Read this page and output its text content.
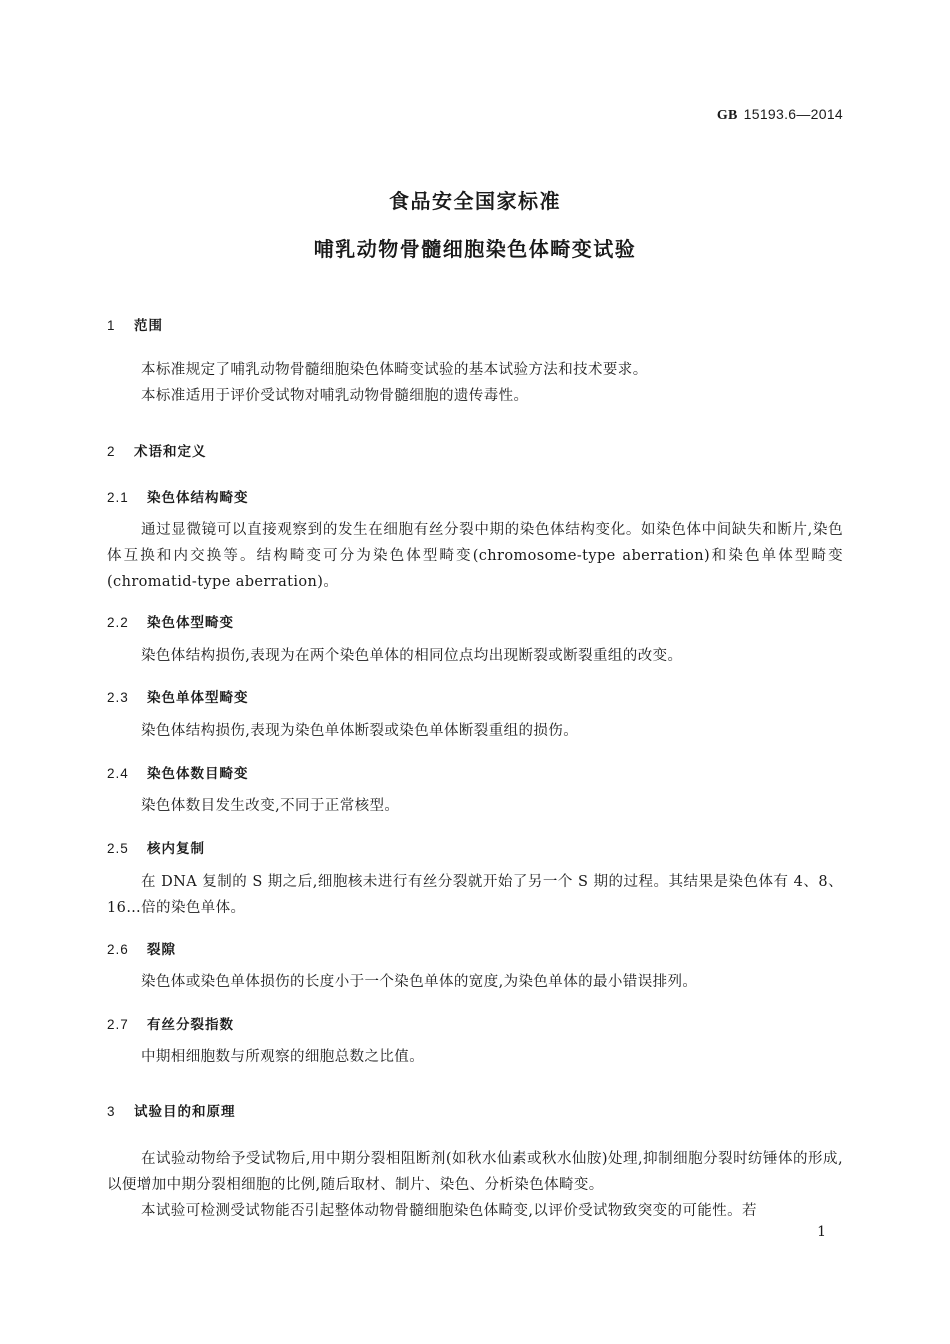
GB 15193.6—2014
食品安全国家标准
哺乳动物骨髓细胞染色体畸变试验
1 范围

本标准规定了哺乳动物骨髓细胞染色体畸变试验的基本试验方法和技术要求。

本标准适用于评价受试物对哺乳动物骨髓细胞的遗传毒性。

2 术语和定义
2.1 染色体结构畸变

通过显微镜可以直接观察到的发生在细胞有丝分裂中期的染色体结构变化。如染色体中间缺失和断片,染色体互换和内交换等。结构畸变可分为染色体型畸变(chromosome-type aberration)和染色单体型畸变(chromatid-type aberration)。

2.2 染色体型畸变

染色体结构损伤,表现为在两个染色单体的相同位点均出现断裂或断裂重组的改变。

2.3 染色单体型畸变

染色体结构损伤,表现为染色单体断裂或染色单体断裂重组的损伤。

2.4 染色体数目畸变

染色体数目发生改变,不同于正常核型。

2.5 核内复制

在 DNA 复制的 S 期之后,细胞核未进行有丝分裂就开始了另一个 S 期的过程。其结果是染色体有 4、8、16…倍的染色单体。

2.6 裂隙

染色体或染色单体损伤的长度小于一个染色单体的宽度,为染色单体的最小错误排列。

2.7 有丝分裂指数

中期相细胞数与所观察的细胞总数之比值。

3 试验目的和原理

在试验动物给予受试物后,用中期分裂相阻断剂(如秋水仙素或秋水仙胺)处理,抑制细胞分裂时纺锤体的形成,以便增加中期分裂相细胞的比例,随后取材、制片、染色、分析染色体畸变。

本试验可检测受试物能否引起整体动物骨髓细胞染色体畸变,以评价受试物致突变的可能性。若

1
